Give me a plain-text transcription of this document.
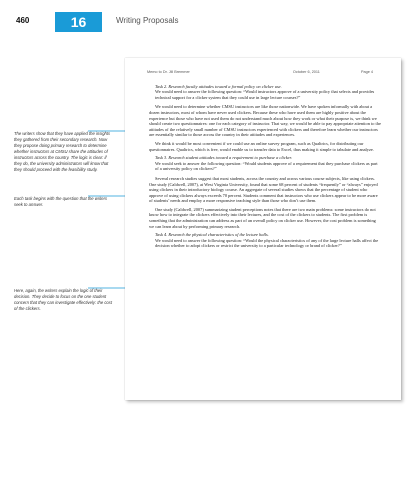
460	16	Writing Proposals
The writers show that they have applied the insights they gathered from their secondary research. Now they propose doing primary research to determine whether instructors at CMSU share the attitudes of instructors across the country. The logic is clear: if they do, the university administrators will know that they should proceed with the feasibility study.
Each task begins with the question that the writers seek to answer.
Here, again, the writers explain the logic of their decision. They decide to focus on the one student concern that they can investigate effectively: the cost of the clickers.
Memo to Dr. Jill Bremmer	October 6, 2011	Page 4
Task 2. Research faculty attitudes toward a formal policy on clicker use.

We would need to answer the following question: “Would instructors approve of a university policy that selects and provides technical support for a clicker system that they could use in large lecture courses?”

We would need to determine whether CMSU instructors are like those nationwide. We have spoken informally with about a dozen instructors, most of whom have never used clickers. Because these who have used them are highly positive about the experience but those who have not used them do not understand much about how they work or what their purpose is, we think we should create two questionnaires: one for each category of instructor. That way, we would be able to pay appropriate attention to the attitudes of the relatively small number of CMSU instructors experienced with clickers and therefore learn whether our instructors are essentially similar to those across the country in their attitudes and experiences.

We think it would be most convenient if we could use an online survey program, such as Qualtrics, for distributing our questionnaires. Qualtrics, which is free, would enable us to transfer data to Excel, thus making it simple to tabulate and analyze.

Task 3. Research student attitudes toward a requirement to purchase a clicker.

We would seek to answer the following question: “Would students approve of a requirement that they purchase clickers as part of a university policy on clickers?”

Several research studies suggest that most students, across the country and across various course subjects, like using clickers. One study (Caldwell, 2007), at West Virginia University, found that some 68 percent of students “frequently” or “always” enjoyed using clickers in their introductory biology course. An aggregate of several studies shows that the percentage of student who approve of using clickers always exceeds 70 percent. Students comment that instructors who use clickers appear to be more aware of students’ needs and employ a more responsive teaching style than those who don’t use them.

One study (Caldwell, 2007) summarizing student perceptions notes that there are two main problems: some instructors do not know how to integrate the clickers effectively into their lectures, and the cost of the clickers to students. The first problem is something that the administration can address as part of an overall policy on clicker use. However, the cost problem is something we can learn about by performing primary research.

Task 4. Research the physical characteristics of the lecture halls.

We would need to answer the following question: “Would the physical characteristics of any of the large lecture halls affect the decision whether to adopt clickers or restrict the university to a particular technology or brand of clicker?”
